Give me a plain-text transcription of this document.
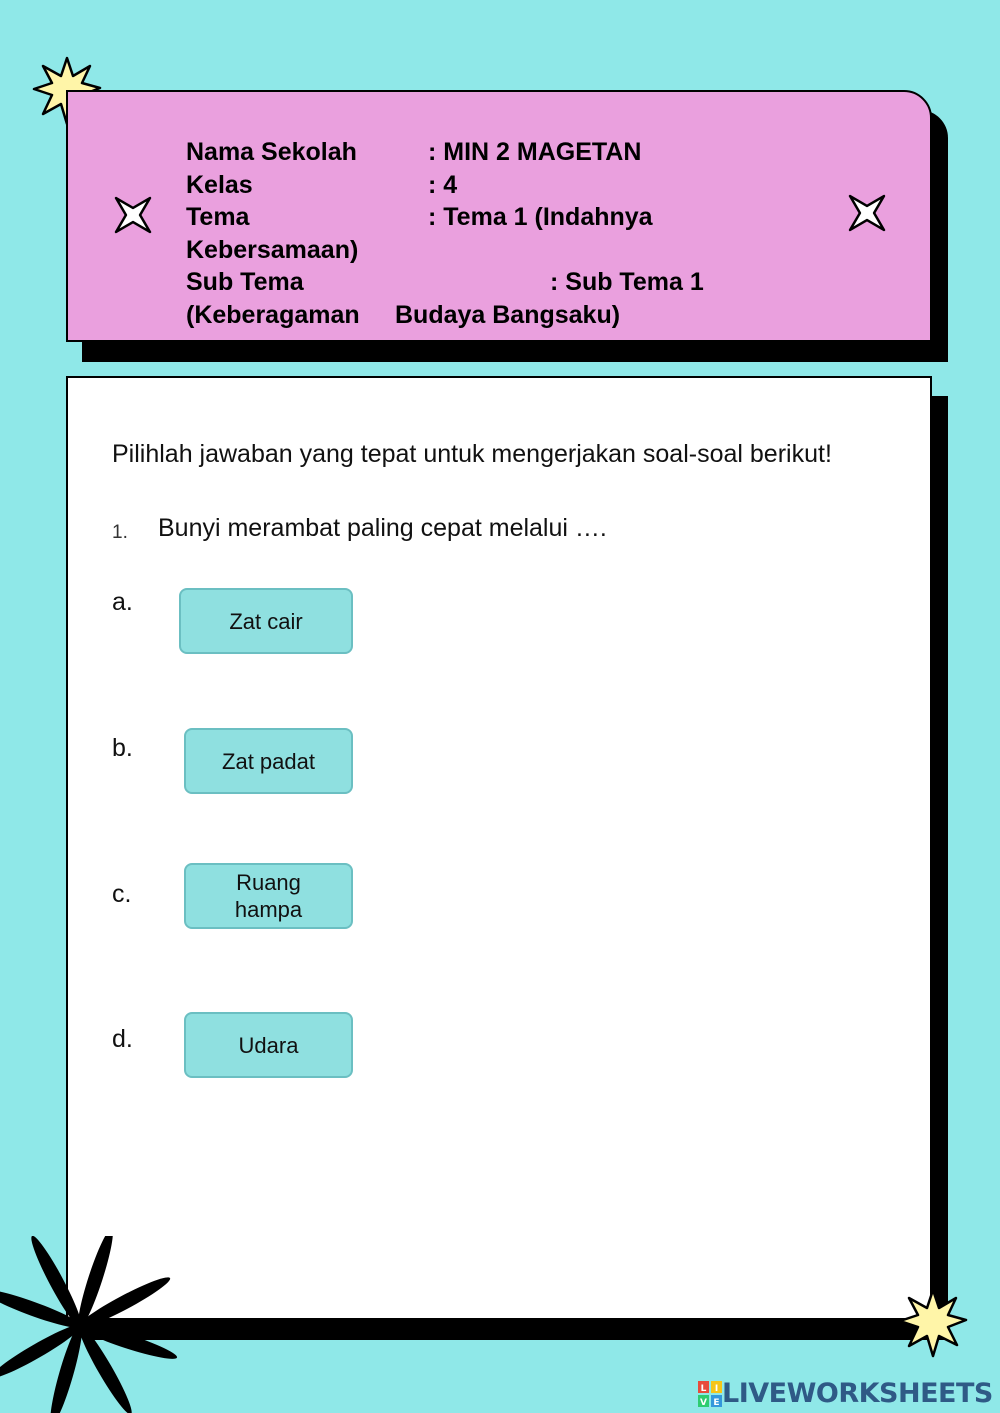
Nama Sekolah	: MIN 2 MAGETAN
Kelas	: 4
Tema	: Tema 1 (Indahnya
Kebersamaan)
Sub Tema	: Sub Tema 1
(Keberagaman Budaya Bangsaku)
Pilihlah jawaban yang tepat untuk mengerjakan soal-soal berikut!
1. Bunyi merambat paling cepat melalui ….
a.
Zat cair
b.	Zat padat
c.	Ruang
hampa
d.	Udara
L I
V E LIVEWORKSHEETS
